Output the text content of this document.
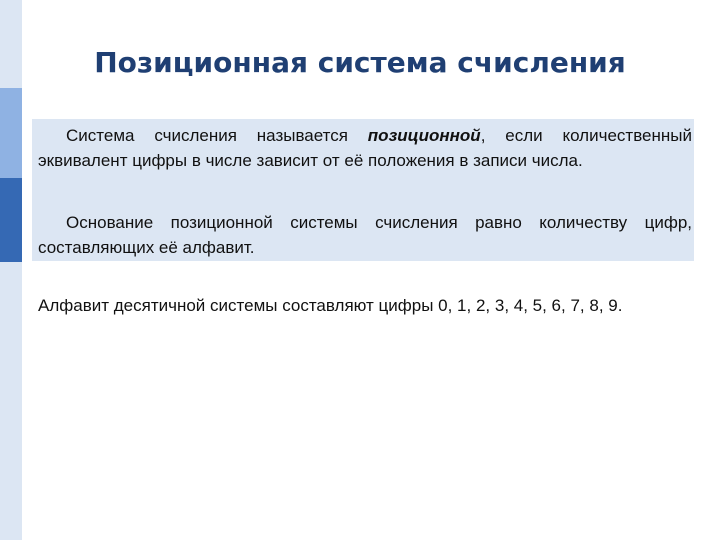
Позиционная система счисления

Система счисления называется позиционной, если количественный эквивалент цифры в числе зависит от её положения в записи числа.

Основание позиционной системы счисления равно количеству цифр, составляющих её алфавит.

Алфавит десятичной системы составляют цифры 0, 1, 2, 3, 4, 5, 6, 7, 8, 9.
